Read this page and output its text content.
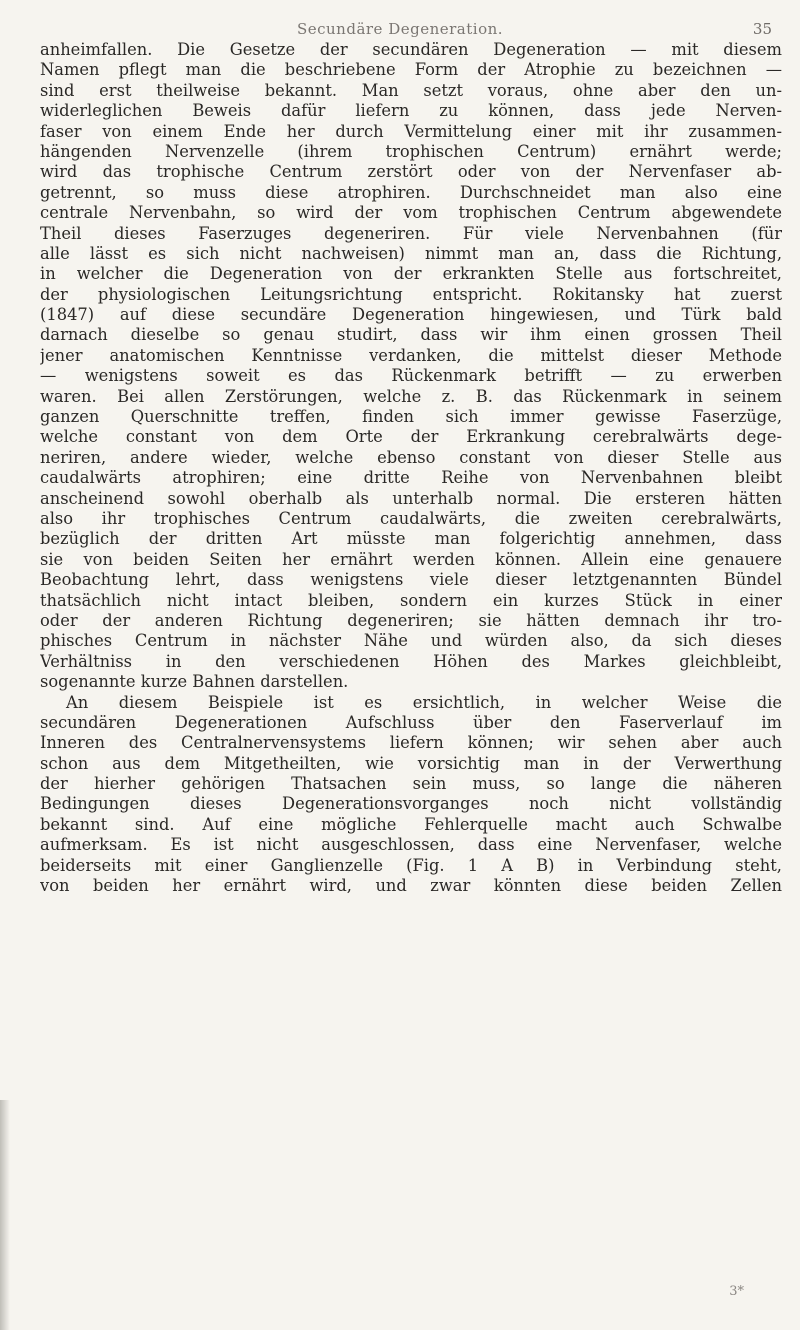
Secundäre Degeneration.	35
anheimfallen. Die Gesetze der secundären Degeneration — mit diesem
Namen pflegt man die beschriebene Form der Atrophie zu bezeichnen —
sind erst theilweise bekannt. Man setzt voraus, ohne aber den un-
widerleglichen Beweis dafür liefern zu können, dass jede Nerven-
faser von einem Ende her durch Vermittelung einer mit ihr zusammen-
hängenden Nervenzelle (ihrem trophischen Centrum) ernährt werde;
wird das trophische Centrum zerstört oder von der Nervenfaser ab-
getrennt, so muss diese atrophiren. Durchschneidet man also eine
centrale Nervenbahn, so wird der vom trophischen Centrum abgewendete
Theil dieses Faserzuges degeneriren. Für viele Nervenbahnen (für
alle lässt es sich nicht nachweisen) nimmt man an, dass die Richtung,
in welcher die Degeneration von der erkrankten Stelle aus fortschreitet,
der physiologischen Leitungsrichtung entspricht. Rokitansky hat zuerst
(1847) auf diese secundäre Degeneration hingewiesen, und Türk bald
darnach dieselbe so genau studirt, dass wir ihm einen grossen Theil
jener anatomischen Kenntnisse verdanken, die mittelst dieser Methode
— wenigstens soweit es das Rückenmark betrifft — zu erwerben
waren. Bei allen Zerstörungen, welche z. B. das Rückenmark in seinem
ganzen Querschnitte treffen, finden sich immer gewisse Faserzüge,
welche constant von dem Orte der Erkrankung cerebralwärts dege-
neriren, andere wieder, welche ebenso constant von dieser Stelle aus
caudalwärts atrophiren; eine dritte Reihe von Nervenbahnen bleibt
anscheinend sowohl oberhalb als unterhalb normal. Die ersteren hätten
also ihr trophisches Centrum caudalwärts, die zweiten cerebralwärts,
bezüglich der dritten Art müsste man folgerichtig annehmen, dass
sie von beiden Seiten her ernährt werden können. Allein eine genauere
Beobachtung lehrt, dass wenigstens viele dieser letztgenannten Bündel
thatsächlich nicht intact bleiben, sondern ein kurzes Stück in einer
oder der anderen Richtung degeneriren; sie hätten demnach ihr tro-
phisches Centrum in nächster Nähe und würden also, da sich dieses
Verhältniss in den verschiedenen Höhen des Markes gleichbleibt,
sogenannte kurze Bahnen darstellen.
An diesem Beispiele ist es ersichtlich, in welcher Weise die
secundären Degenerationen Aufschluss über den Faserverlauf im
Inneren des Centralnervensystems liefern können; wir sehen aber auch
schon aus dem Mitgetheilten, wie vorsichtig man in der Verwerthung
der hierher gehörigen Thatsachen sein muss, so lange die näheren
Bedingungen dieses Degenerationsvorganges noch nicht vollständig
bekannt sind. Auf eine mögliche Fehlerquelle macht auch Schwalbe
aufmerksam. Es ist nicht ausgeschlossen, dass eine Nervenfaser, welche
beiderseits mit einer Ganglienzelle (Fig. 1 A B) in Verbindung steht,
von beiden her ernährt wird, und zwar könnten diese beiden Zellen
3*
